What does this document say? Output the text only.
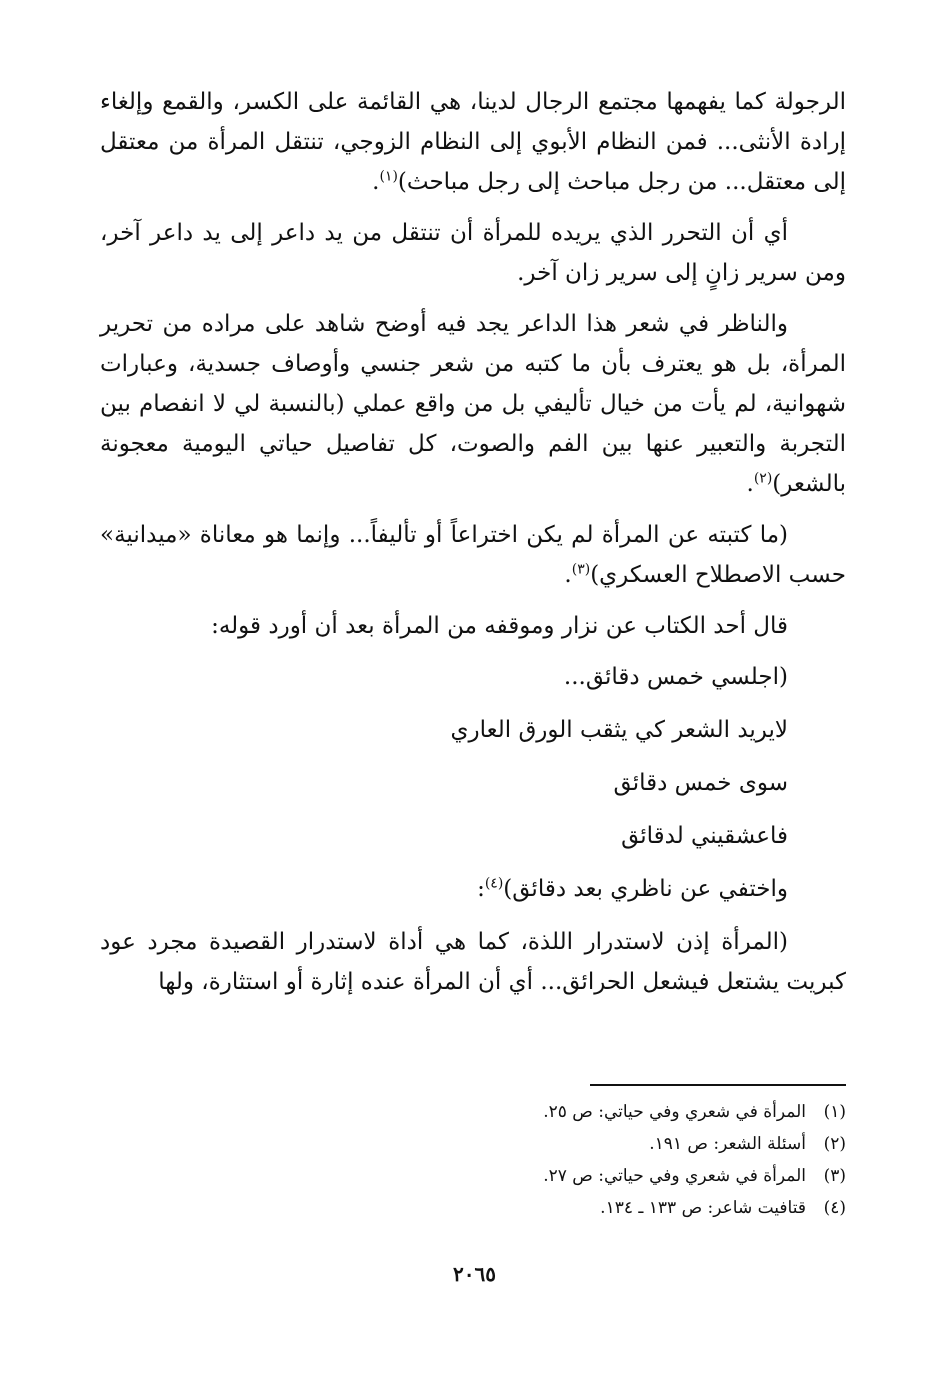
الرجولة كما يفهمها مجتمع الرجال لدينا، هي القائمة على الكسر، والقمع وإلغاء إرادة الأنثى... فمن النظام الأبوي إلى النظام الزوجي، تنتقل المرأة من معتقل إلى معتقل... من رجل مباحث إلى رجل مباحث)$^{(١)}$.

أي أن التحرر الذي يريده للمرأة أن تنتقل من يد داعر إلى يد داعر آخر، ومن سرير زانٍ إلى سرير زان آخر.

والناظر في شعر هذا الداعر يجد فيه أوضح شاهد على مراده من تحرير المرأة، بل هو يعترف بأن ما كتبه من شعر جنسي وأوصاف جسدية، وعبارات شهوانية، لم يأت من خيال تأليفي بل من واقع عملي (بالنسبة لي لا انفصام بين التجربة والتعبير عنها بين الفم والصوت، كل تفاصيل حياتي اليومية معجونة بالشعر)$^{(٢)}$.

(ما كتبته عن المرأة لم يكن اختراعاً أو تأليفاً... وإنما هو معاناة «ميدانية» حسب الاصطلاح العسكري)$^{(٣)}$.

قال أحد الكتاب عن نزار وموقفه من المرأة بعد أن أورد قوله:

(اجلسي خمس دقائق...
لايريد الشعر كي يثقب الورق العاري
سوى خمس دقائق
فاعشقيني لدقائق
واختفي عن ناظري بعد دقائق)$^{(٤)}$:

(المرأة إذن لاستدرار اللذة، كما هي أداة لاستدرار القصيدة مجرد عود كبريت يشتعل فيشعل الحرائق... أي أن المرأة عنده إثارة أو استثارة، ولها

(١)
المرأة في شعري وفي حياتي: ص ٢٥.
(٢)
أسئلة الشعر: ص ١٩١.
(٣)
المرأة في شعري وفي حياتي: ص ٢٧.
(٤)
قتافيت شاعر: ص ١٣٣ ـ ١٣٤.
٢٠٦٥
